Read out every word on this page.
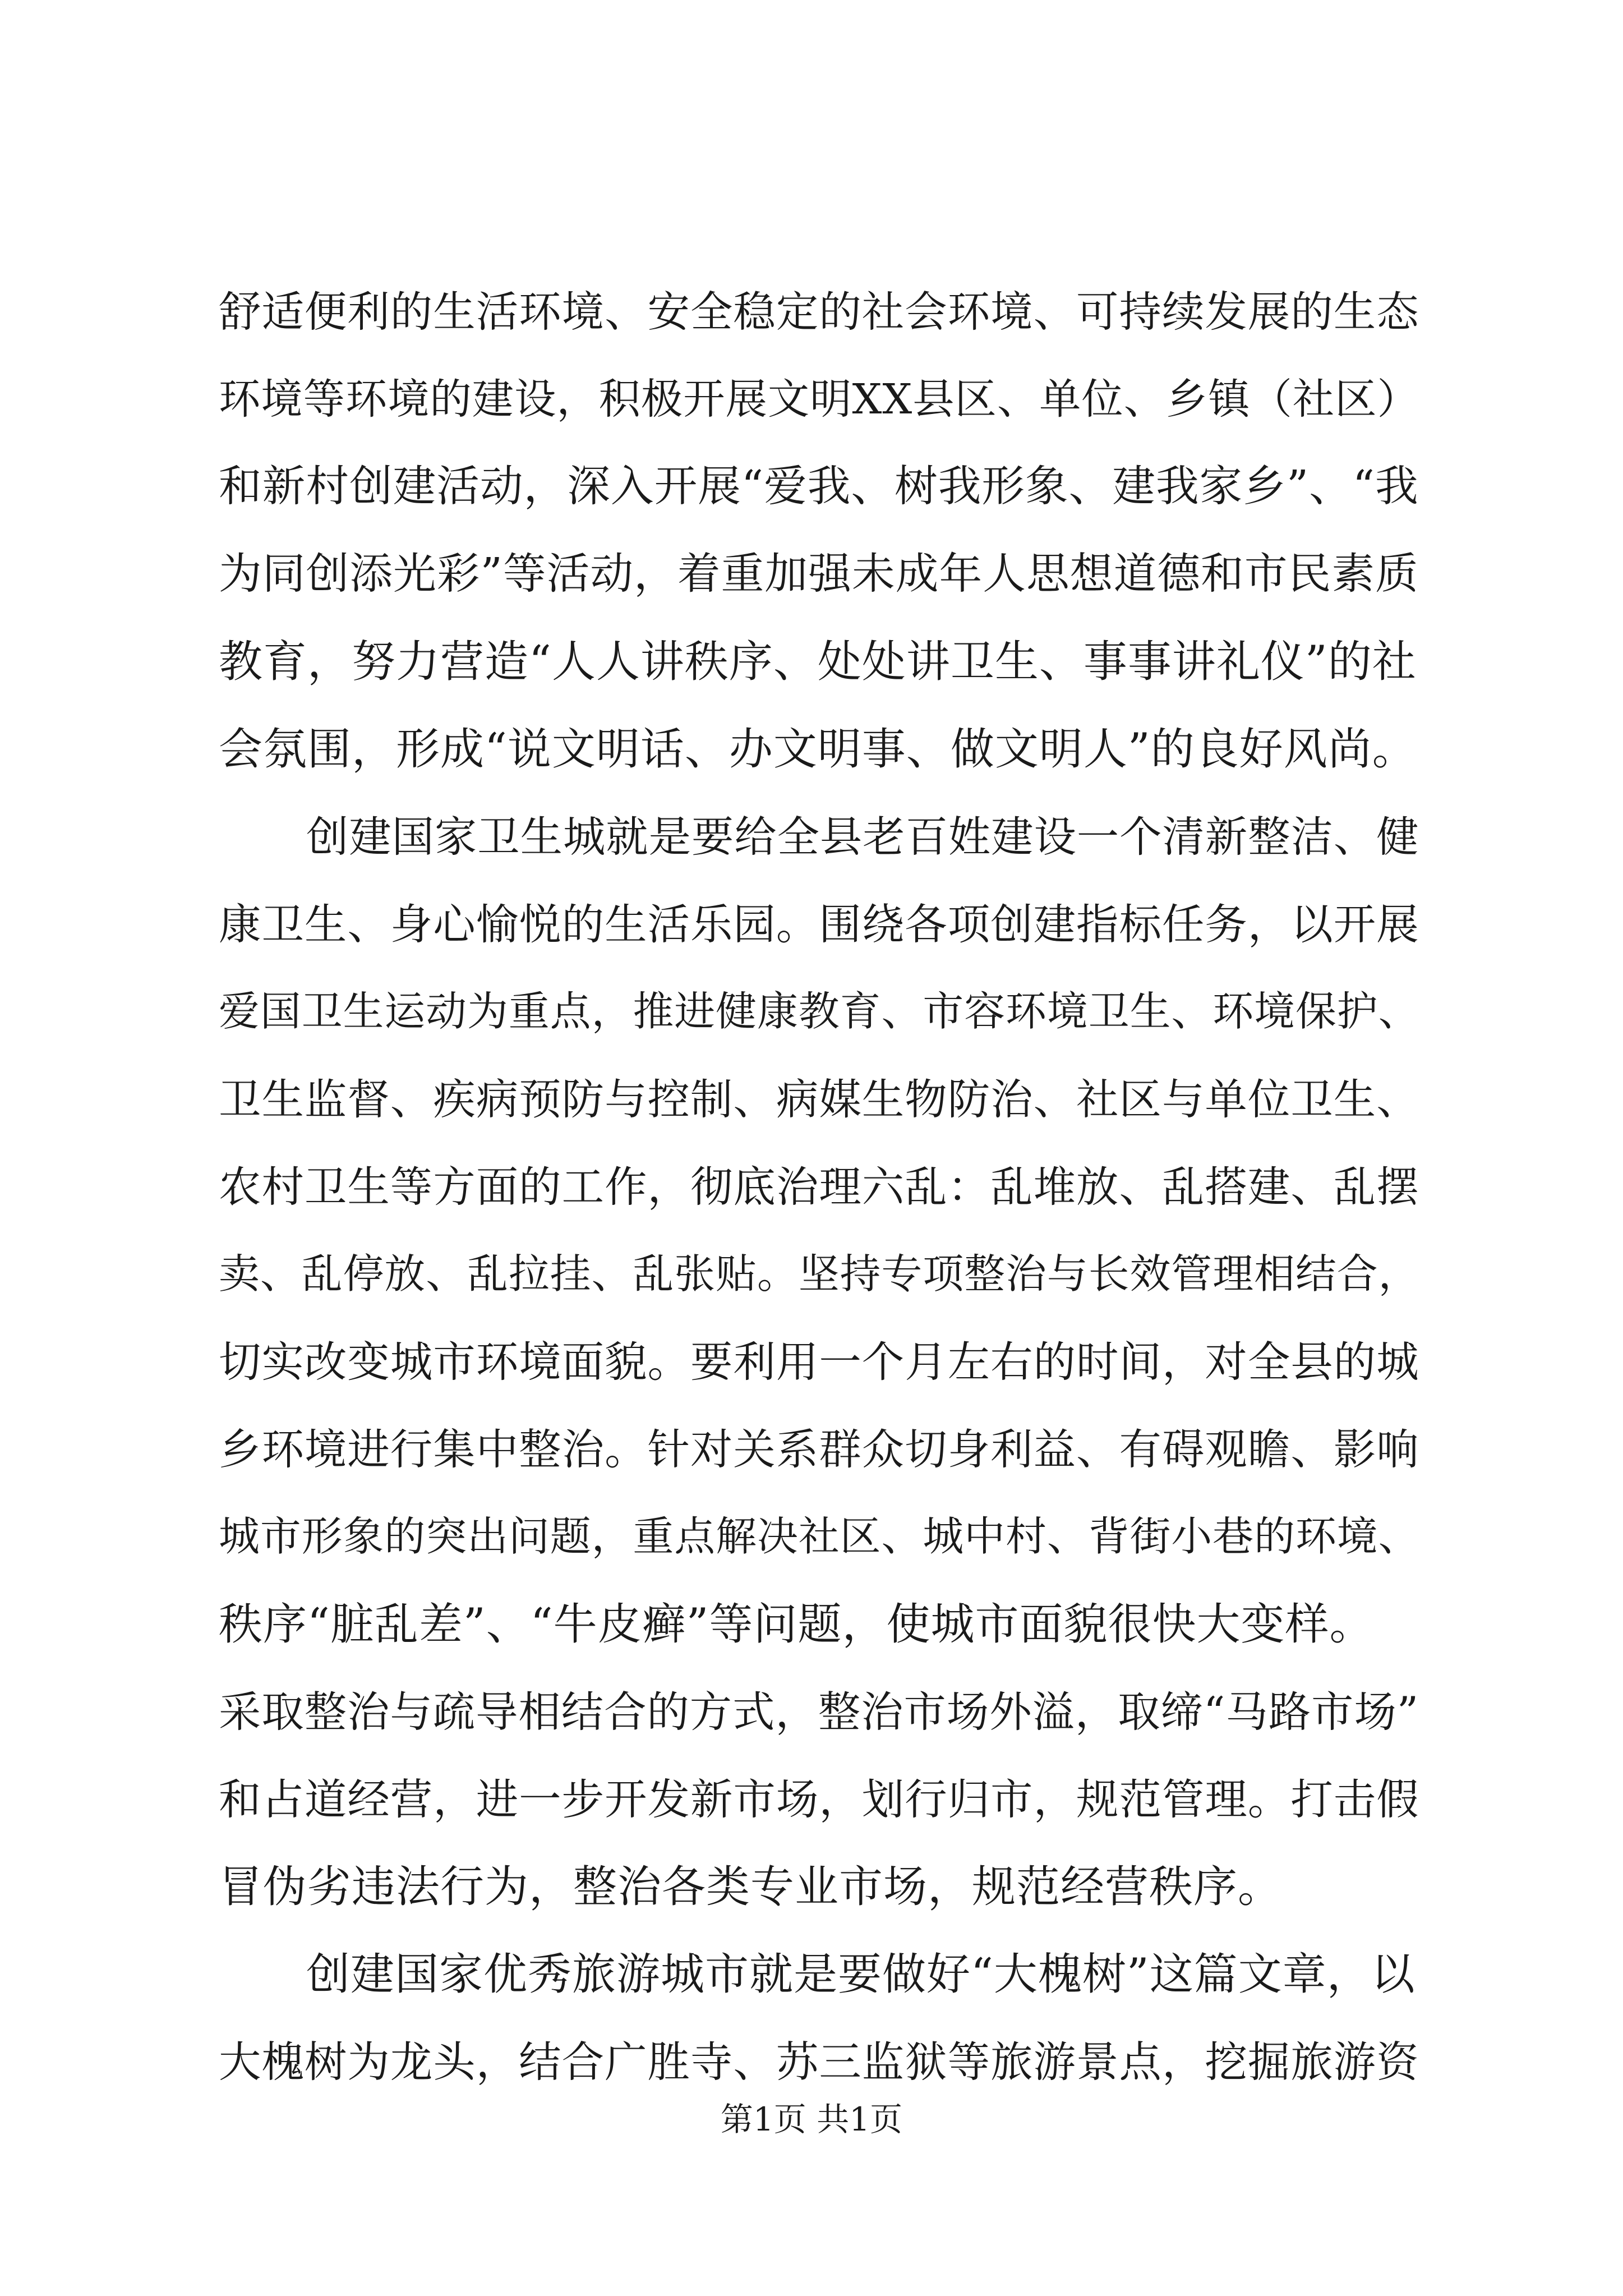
舒适便利的生活环境、安全稳定的社会环境、可持续发展的生态
环境等环境的建设，积极开展文明XX县区、单位、乡镇（社区）
和新村创建活动，深入开展“爱我、树我形象、建我家乡”、“我
为同创添光彩”等活动，着重加强未成年人思想道德和市民素质
教育，努力营造“人人讲秩序、处处讲卫生、事事讲礼仪”的社
会氛围，形成“说文明话、办文明事、做文明人”的良好风尚。
创建国家卫生城就是要给全县老百姓建设一个清新整洁、健
康卫生、身心愉悦的生活乐园。围绕各项创建指标任务，以开展
爱国卫生运动为重点，推进健康教育、市容环境卫生、环境保护、
卫生监督、疾病预防与控制、病媒生物防治、社区与单位卫生、
农村卫生等方面的工作，彻底治理六乱：乱堆放、乱搭建、乱摆
卖、乱停放、乱拉挂、乱张贴。坚持专项整治与长效管理相结合，
切实改变城市环境面貌。要利用一个月左右的时间，对全县的城
乡环境进行集中整治。针对关系群众切身利益、有碍观瞻、影响
城市形象的突出问题，重点解决社区、城中村、背街小巷的环境、
秩序“脏乱差”、“牛皮癣”等问题，使城市面貌很快大变样。
采取整治与疏导相结合的方式，整治市场外溢，取缔“马路市场”
和占道经营，进一步开发新市场，划行归市，规范管理。打击假
冒伪劣违法行为，整治各类专业市场，规范经营秩序。
创建国家优秀旅游城市就是要做好“大槐树”这篇文章，以
大槐树为龙头，结合广胜寺、苏三监狱等旅游景点，挖掘旅游资
第1页 共1页
